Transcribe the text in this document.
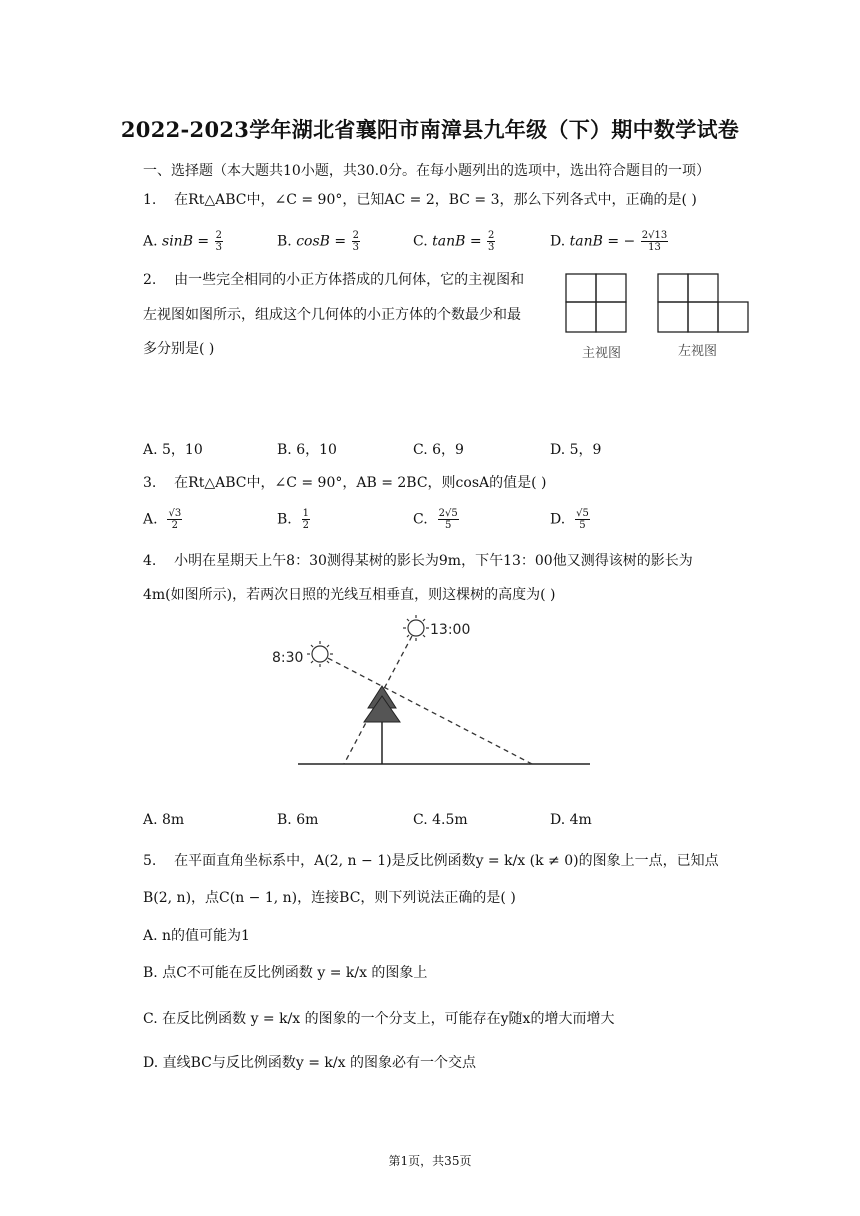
2022-2023学年湖北省襄阳市南漳县九年级（下）期中数学试卷
一、选择题（本大题共10小题，共30.0分。在每小题列出的选项中，选出符合题目的一项）
1. 在Rt△ABC中，∠C = 90°，已知AC = 2，BC = 3，那么下列各式中，正确的是( )
A. $\sin B = \frac{2}{3}$	B. $\cos B = \frac{2}{3}$	C. $\tan B = \frac{2}{3}$	D. tanB = − $\frac{2√13}{13}$
2. 由一些完全相同的小正方体搭成的几何体，它的主视图和
左视图如图所示，组成这个几何体的小正方体的个数最少和最
多分别是( )	主视图	左视图
A. 5，10	B. 6，10	C. 6，9	D. 5，9
3. 在Rt△ABC中，∠C = 90°，AB = 2BC，则cosA的值是( )
A. $\frac{√3}{2}$	B. $\frac{1}{2}$	C. $\frac{2√5}{5}$	D. $\frac{√5}{5}$
4. 小明在星期天上午8：30测得某树的影长为9m，下午13：00他又测得该树的影长为
4m(如图所示)，若两次日照的光线互相垂直，则这棵树的高度为( )
8:30
13:00
A. 8m	B. 6m	C. 4.5m	D. 4m
5. 在平面直角坐标系中，A(2, n − 1)是反比例函数y = k/x (k ≠ 0)的图象上一点，已知点
B(2, n)，点C(n − 1, n)，连接BC，则下列说法正确的是( )
A. n的值可能为1
B. 点C不可能在反比例函数 y = k/x 的图象上
C. 在反比例函数 y = k/x 的图象的一个分支上，可能存在y随x的增大而增大
D. 直线BC与反比例函数y = k/x 的图象必有一个交点
第1页，共35页
